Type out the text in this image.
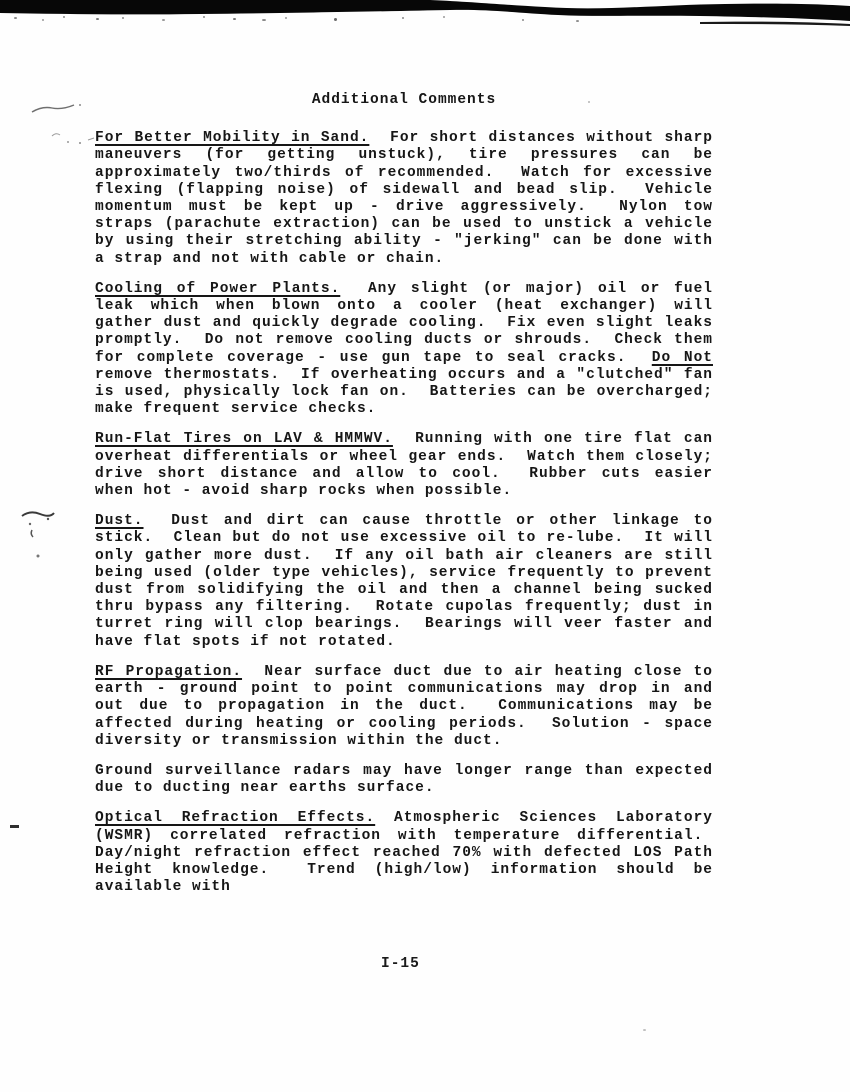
Additional Comments

For Better Mobility in Sand.  For short distances without sharp maneuvers (for getting unstuck), tire pressures can be approximately two/thirds of recommended.  Watch for excessive flexing (flapping noise) of sidewall and bead slip.  Vehicle momentum must be kept up - drive aggressively.  Nylon tow straps (parachute extraction) can be used to unstick a vehicle by using their stretching ability - "jerking" can be done with a strap and not with cable or chain.

Cooling of Power Plants.  Any slight (or major) oil or fuel leak which when blown onto a cooler (heat exchanger) will gather dust and quickly degrade cooling.  Fix even slight leaks promptly.  Do not remove cooling ducts or shrouds.  Check them for complete coverage - use gun tape to seal cracks.  Do Not remove thermostats.  If overheating occurs and a "clutched" fan is used, physically lock fan on.  Batteries can be overcharged; make frequent service checks.

Run-Flat Tires on LAV & HMMWV.  Running with one tire flat can overheat differentials or wheel gear ends.  Watch them closely; drive short distance and allow to cool.  Rubber cuts easier when hot - avoid sharp rocks when possible.

Dust.  Dust and dirt can cause throttle or other linkage to stick.  Clean but do not use excessive oil to re-lube.  It will only gather more dust.  If any oil bath air cleaners are still being used (older type vehicles), service frequently to prevent dust from solidifying the oil and then a channel being sucked thru bypass any filtering.  Rotate cupolas frequently; dust in turret ring will clop bearings.  Bearings will veer faster and have flat spots if not rotated.

RF Propagation.  Near surface duct due to air heating close to earth - ground point to point communications may drop in and out due to propagation in the duct.  Communications may be affected during heating or cooling periods.  Solution - space diversity or transmission within the duct.

Ground surveillance radars may have longer range than expected due to ducting near earths surface.

Optical Refraction Effects. Atmospheric Sciences Laboratory (WSMR) correlated refraction with temperature differential.  Day/night refraction effect reached 70% with defected LOS Path Height knowledge.  Trend (high/low) information should be available with

I-15
